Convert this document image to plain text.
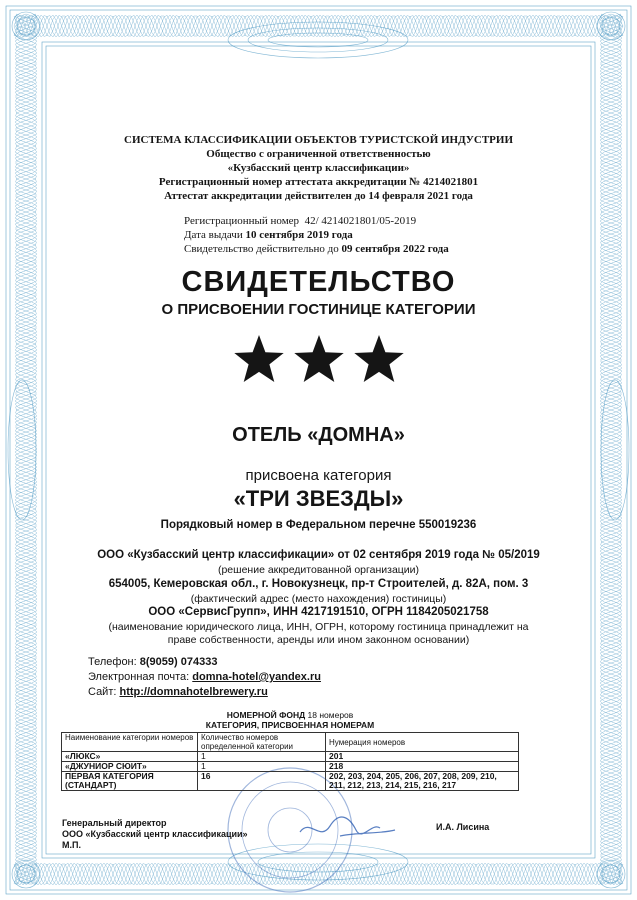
СИСТЕМА КЛАССИФИКАЦИИ ОБЪЕКТОВ ТУРИСТСКОЙ ИНДУСТРИИ
Общество с ограниченной ответственностью
«Кузбасский центр классификации»
Регистрационный номер аттестата аккредитации № 4214021801
Аттестат аккредитации действителен до 14 февраля 2021 года
Регистрационный номер 42/ 4214021801/05-2019
Дата выдачи 10 сентября 2019 года
Свидетельство действительно до 09 сентября 2022 года
СВИДЕТЕЛЬСТВО
О ПРИСВОЕНИИ ГОСТИНИЦЕ КАТЕГОРИИ
ОТЕЛЬ «ДОМНА»
присвоена категория
«ТРИ ЗВЕЗДЫ»
Порядковый номер в Федеральном перечне 550019236
ООО «Кузбасский центр классификации» от 02 сентября 2019 года № 05/2019
(решение аккредитованной организации)
654005, Кемеровская обл., г. Новокузнецк, пр-т Строителей, д. 82А, пом. 3
(фактический адрес (место нахождения) гостиницы)
ООО «СервисГрупп», ИНН 4217191510, ОГРН 1184205021758
(наименование юридического лица, ИНН, ОГРН, которому гостиница принадлежит на
праве собственности, аренды или ином законном основании)
Телефон: 8(9059) 074333
Электронная почта: domna-hotel@yandex.ru
Сайт: http://domnahotelbrewery.ru
НОМЕРНОЙ ФОНД 18 номеров
КАТЕГОРИЯ, ПРИСВОЕННАЯ НОМЕРАМ
Наименование категории номеров	Количество номеров определенной категории	Нумерация номеров
«ЛЮКС»	1	201
«ДЖУНИОР СЮИТ»	1	218
ПЕРВАЯ КАТЕГОРИЯ (СТАНДАРТ)	16	202, 203, 204, 205, 206, 207, 208, 209, 210, 211, 212, 213, 214, 215, 216, 217
Генеральный директор
ООО «Кузбасский центр классификации»
М.П.
И.А. Лисина
